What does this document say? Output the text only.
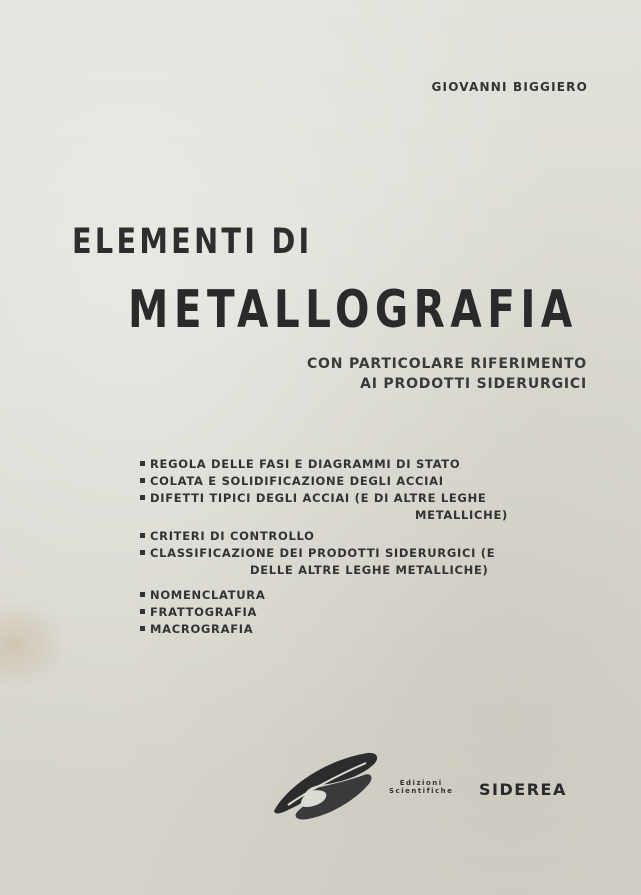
GIOVANNI BIGGIERO
ELEMENTI DI
METALLOGRAFIA
CON PARTICOLARE RIFERIMENTO
AI PRODOTTI SIDERURGICI
REGOLA DELLE FASI E DIAGRAMMI DI STATO
COLATA E SOLIDIFICAZIONE DEGLI ACCIAI
DIFETTI TIPICI DEGLI ACCIAI (E DI ALTRE LEGHE
METALLICHE)
CRITERI DI CONTROLLO
CLASSIFICAZIONE DEI PRODOTTI SIDERURGICI (E
DELLE ALTRE LEGHE METALLICHE)
NOMENCLATURA
FRATTOGRAFIA
MACROGRAFIA
Edizioni
Scientifiche SIDEREA
